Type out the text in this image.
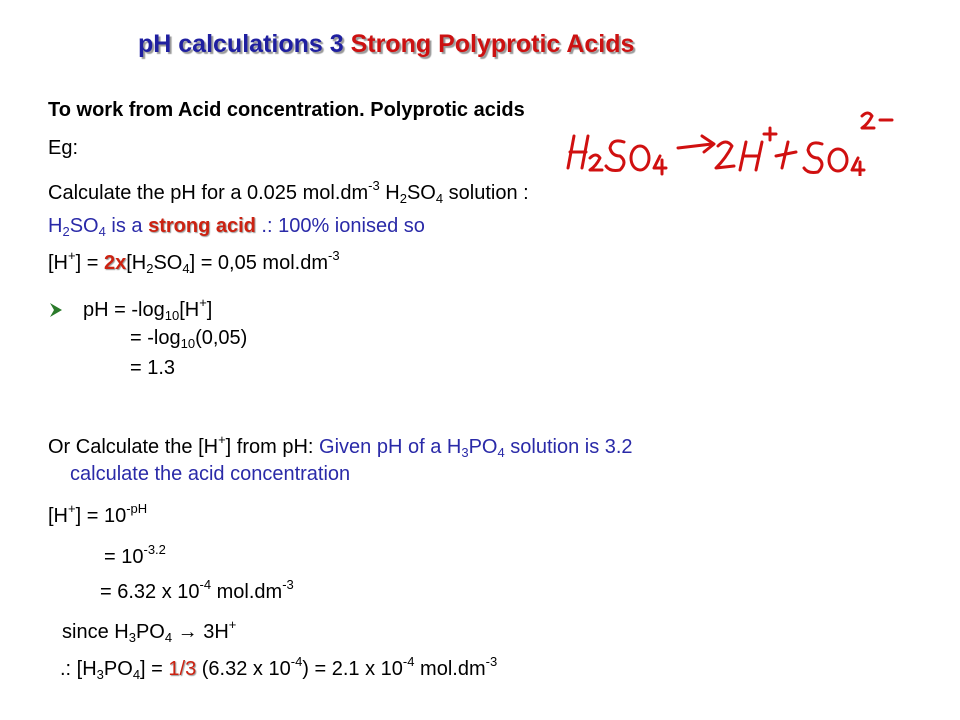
pH calculations 3 Strong Polyprotic Acids
To work from Acid concentration. Polyprotic acids
Eg:
Calculate the pH for a 0.025 $mol.dm^{-3}$ $H_2SO_4$ solution :
$H_2SO_4$ is a strong acid .: 100% ionised so
$[H^+] = 2x[H_2SO_4] = 0,05$ $mol.dm^{-3}$
pH = $-\log_{10}[H^+]$
= $-\log_{10}(0,05)$
= 1.3
Or Calculate the [H+] from pH: Given pH of a $H_3PO_4$ solution is 3.2
calculate the acid concentration
$[H^+] = 10^{-pH}$
= $10^{-3.2}$
= 6.32 x $10^{-4}$ $mol.dm^{-3}$
since $H_3PO_4 \to 3H^+$
.: $[H_3PO_4] = 1/3$ (6.32 x $10^{-4}) = 2.1$ x $10^{-4}$ $mol.dm^{-3}$
